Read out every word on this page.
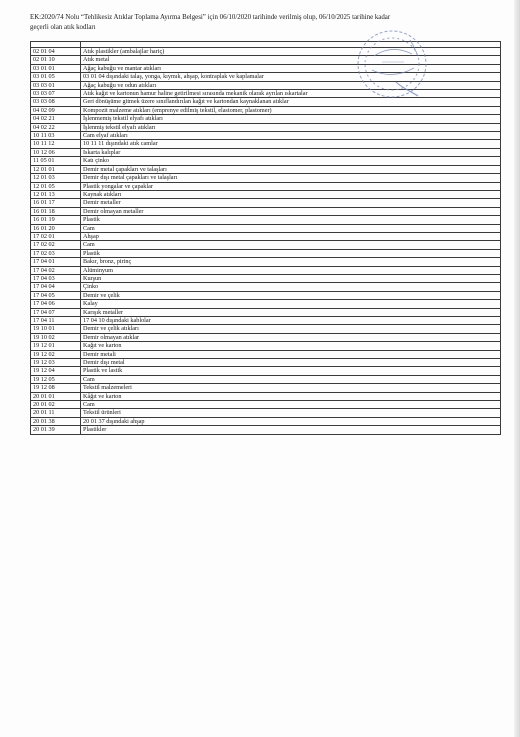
EK:2020/74 Nolu “Tehlikesiz Atıklar Toplama Ayırma Belgesi” için 06/10/2020 tarihinde verilmiş olup, 06/10/2025 tarihine kadar
geçerli olan atık kodları

02 01 04	Atık plastikler (ambalajlar hariç)
02 01 10	Atık metal
03 01 01	Ağaç kabuğu ve mantar atıkları
03 01 05	03 01 04 dışındaki talaş, yonga, kıymık, ahşap, kontraplak ve kaplamalar
03 03 01	Ağaç kabuğu ve odun atıkları
03 03 07	Atık kağıt ve kartonun hamur haline getirilmesi sırasında mekanik olarak ayrılan ıskartalar
03 03 08	Geri dönüşüme gitmek üzere sınıflandırılan kağıt ve kartondan kaynaklanan atıklar
04 02 09	Kompozit malzeme atıkları (emprenye edilmiş tekstil, elastomer, plastomer)
04 02 21	İşlenmemiş tekstil elyafı atıkları
04 02 22	İşlenmiş tekstil elyafı atıkları
10 11 03	Cam elyaf atıkları
10 11 12	10 11 11 dışındaki atık camlar
10 12 06	Iskarta kalıplar
11 05 01	Katı çinko
12 01 01	Demir metal çapakları ve talaşları
12 01 03	Demir dışı metal çapakları ve talaşları
12 01 05	Plastik yongalar ve çapaklar
12 01 13	Kaynak atıkları
16 01 17	Demir metaller
16 01 18	Demir olmayan metaller
16 01 19	Plastik
16 01 20	Cam
17 02 01	Ahşap
17 02 02	Cam
17 02 03	Plastik
17 04 01	Bakır, bronz, pirinç
17 04 02	Alüminyum
17 04 03	Kurşun
17 04 04	Çinko
17 04 05	Demir ve çelik
17 04 06	Kalay
17 04 07	Karışık metaller
17 04 11	17 04 10 dışındaki kablolar
19 10 01	Demir ve çelik atıkları
19 10 02	Demir olmayan atıklar
19 12 01	Kağıt ve karton
19 12 02	Demir metali
19 12 03	Demir dışı metal
19 12 04	Plastik ve lastik
19 12 05	Cam
19 12 08	Tekstil malzemeleri
20 01 01	Kâğıt ve karton
20 01 02	Cam
20 01 11	Tekstil ürünleri
20 01 38	20 01 37 dışındaki ahşap
20 01 39	Plastikler
